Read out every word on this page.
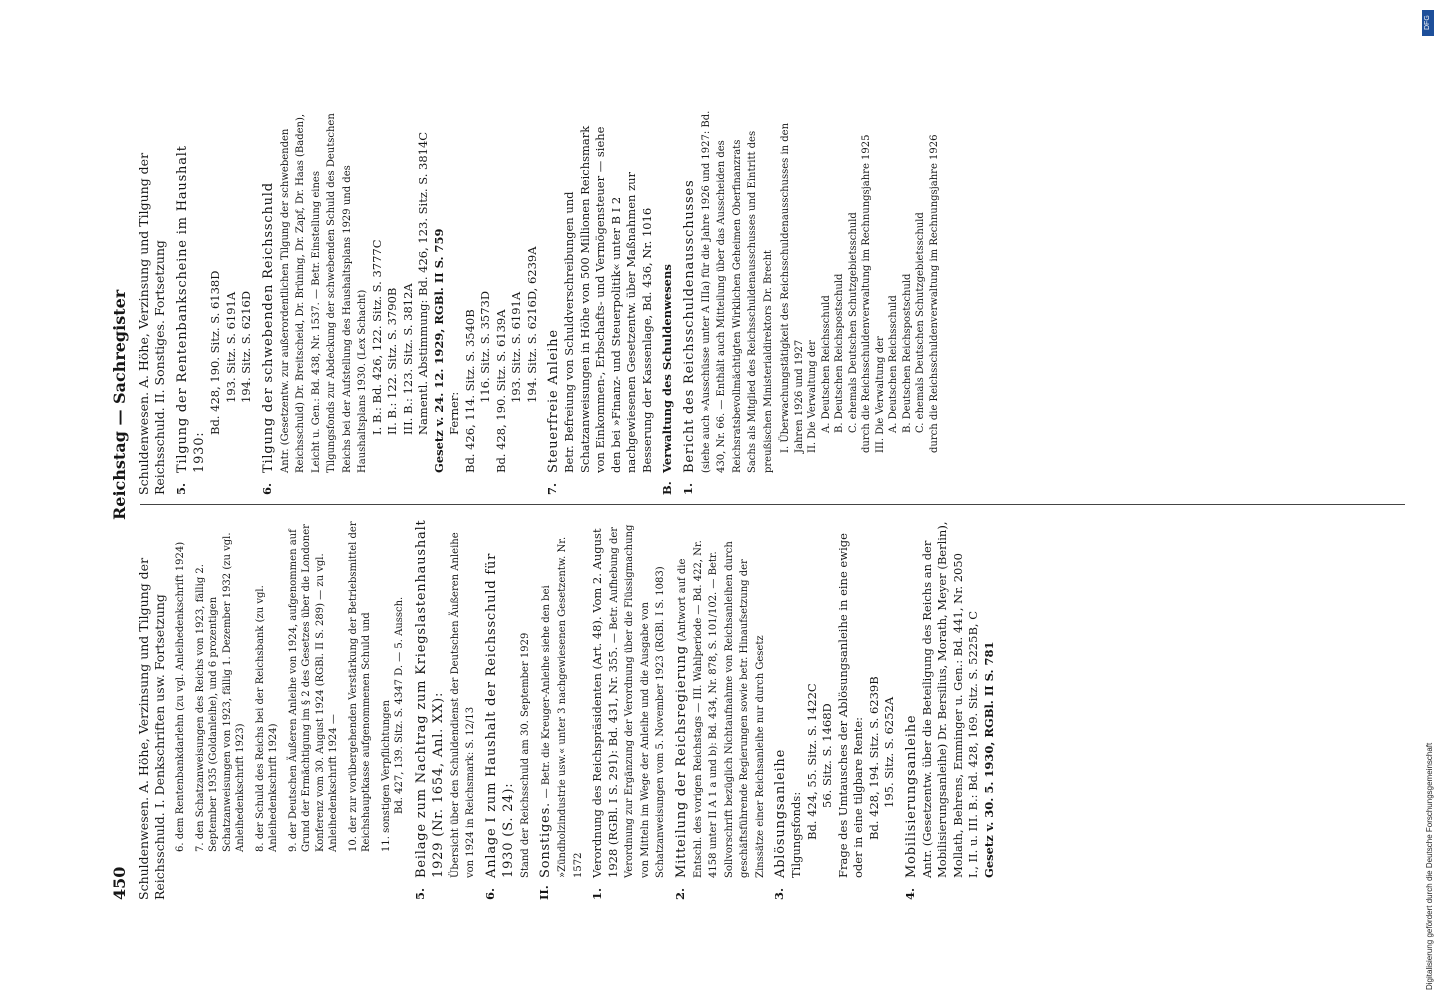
450
Reichstag — Sachregister
Schuldenwesen. A. Höhe, Verzinsung und Tilgung der Reichsschuld. I. Denkschriften usw. Fortsetzung 6. dem Rentenbankdarlehn (zu vgl. Anleihedenkschrift 1924)
7. den Schatzanweisungen des Reichs von 1923, fällig 2. September 1935 (Goldanleihe), und 6 prozentigen Schatzanweisungen von 1923, fällig 1. Dezember 1932 (zu vgl. Anleihedenkschrift 1923) 8. der Schuld des Reichs bei der Reichsbank (zu vgl. Anleihedenkschrift 1924) 9. der Deutschen Äußeren Anleihe von 1924, aufgenommen auf Grund der Ermächtigung im § 2 des Gesetzes über die Londoner Konferenz vom 30. August 1924 (RGBl. II S. 289) — zu vgl. Anleihedenkschrift 1924 — 10. der zur vorübergehenden Verstärkung der Betriebsmittel der Reichshauptkasse aufgenommenen Schuld und 11. sonstigen Verpflichtungen Bd. 427, 139. Sitz. S. 4347 D. — 5. Aussch.
5.
Beilage zum Nachtrag zum Kriegslastenhaushalt 1929 (Nr. 1654, Anl. XX): Übersicht über den Schuldendienst der Deutschen Äußeren Anleihe von 1924 in Reichsmark: S. 12/13
6.
Anlage I zum Haushalt der Reichsschuld für 1930 (S. 24): Stand der Reichsschuld am 30. September 1929
II.
Sonstiges. — Betr. die Kreuger-Anleihe siehe den bei »Zündholzindustrie usw.« unter 3 nachgewiesenen Gesetzentw. Nr. 1572
1.
Verordnung des Reichspräsidenten (Art. 48). Vom 2. August 1928 (RGBl. I S. 291): Bd. 431, Nr. 355. — Betr. Aufhebung der Verordnung zur Ergänzung der Verordnung über die Flüssigmachung von Mitteln im Wege der Anleihe und die Ausgabe von Schatzanweisungen vom 5. November 1923 (RGBl. I S. 1083)
2.
Mitteilung der Reichsregierung (Antwort auf die Entschl. des vorigen Reichstags — III. Wahlperiode — Bd. 422, Nr. 4158 unter II A 1 a und b): Bd. 434, Nr. 878, S. 101/102. — Betr. Sollvorschrift bezüglich Nichtaufnahme von Reichsanleihen durch geschäftsführende Regierungen sowie betr. Hinaufsetzung der Zinssätze einer Reichsanleihe nur durch Gesetz
3.
Ablösungsanleihe
Tilgungsfonds: Bd. 424, 55. Sitz. S. 1422C 56. Sitz. S. 1468D Frage des Umtausches der Ablösungsanleihe in eine ewige oder in eine tilgbare Rente: Bd. 428, 194. Sitz. S. 6239B 195. Sitz. S. 6252A
4.
Mobilisierungsanleihe
Antr. (Gesetzentw. über die Beteiligung des Reichs an der Mobilisierungsanleihe) Dr. Bersilius, Morath, Meyer (Berlin), Mollath, Behrens, Emminger u. Gen.: Bd. 441, Nr. 2050 I., II. u. III. B.: Bd. 428, 169. Sitz. S. 5225B, C Gesetz v. 30. 5. 1930, RGBl. II S. 781
Schuldenwesen. A. Höhe, Verzinsung und Tilgung der Reichsschuld. II. Sonstiges. Fortsetzung 5.
Tilgung der Rentenbankscheine im Haushalt 1930:
Bd. 428, 190. Sitz. S. 6138D 193. Sitz. S. 6191A 194. Sitz. S. 6216D
6.
Tilgung der schwebenden Reichsschuld Antr. (Gesetzentw. zur außerordentlichen Tilgung der schwebenden Reichsschuld) Dr. Breitscheid, Dr. Brüning, Dr. Zapf, Dr. Haas (Baden), Leicht u. Gen.: Bd. 438, Nr. 1537. — Betr. Einstellung eines Tilgungsfonds zur Abdeckung der schwebenden Schuld des Deutschen Reichs bei der Aufstellung des Haushaltsplans 1929 und des Haushaltsplans 1930. (Lex Schacht) I. B.: Bd. 426, 122. Sitz. S. 3777C II. B.: 122. Sitz. S. 3790B III. B.: 123. Sitz. S. 3812A Namentl. Abstimmung: Bd. 426, 123. Sitz. S. 3814C Gesetz v. 24. 12. 1929, RGBl. II S. 759 Ferner: Bd. 426, 114. Sitz. S. 3540B 116. Sitz. S. 3573D Bd. 428, 190. Sitz. S. 6139A 193. Sitz. S. 6191A 194. Sitz. S. 6216D, 6239A
7.
Steuerfreie Anleihe
Betr. Befreiung von Schuldverschreibungen und Schatzanweisungen in Höhe von 500 Millionen Reichsmark von Einkommen-, Erbschafts- und Vermögensteuer — siehe den bei »Finanz- und Steuerpolitik« unter B I 2 nachgewiesenen Gesetzentw. über Maßnahmen zur Besserung der Kassenlage, Bd. 436, Nr. 1016
B.
Verwaltung des Schuldenwesens
1.
Bericht des Reichsschuldenausschusses (siehe auch »Ausschüsse unter A IIIa) für die Jahre 1926 und 1927: Bd. 430, Nr. 66. — Enthält auch Mitteilung über das Ausscheiden des Reichsratsbevollmächtigten Wirklichen Geheimen Oberfinanzrats Sachs als Mitglied des Reichsschuldenausschusses und Eintritt des preußischen Ministerialdirektors Dr. Brecht I. Überwachungstätigkeit des Reichsschuldenausschusses in den Jahren 1926 und 1927 II. Die Verwaltung der A. Deutschen Reichsschuld
B. Deutschen Reichspostschuld
C. ehemals Deutschen Schutzgebietsschuld durch die Reichsschuldenverwaltung im Rechnungsjahre 1925 III. Die Verwaltung der A. Deutschen Reichsschuld
B. Deutschen Reichspostschuld
C. ehemals Deutschen Schutzgebietsschuld durch die Reichsschuldenverwaltung im Rechnungsjahre 1926
DFG
Digitalisierung gefördert durch die Deutsche Forschungsgemeinschaft
